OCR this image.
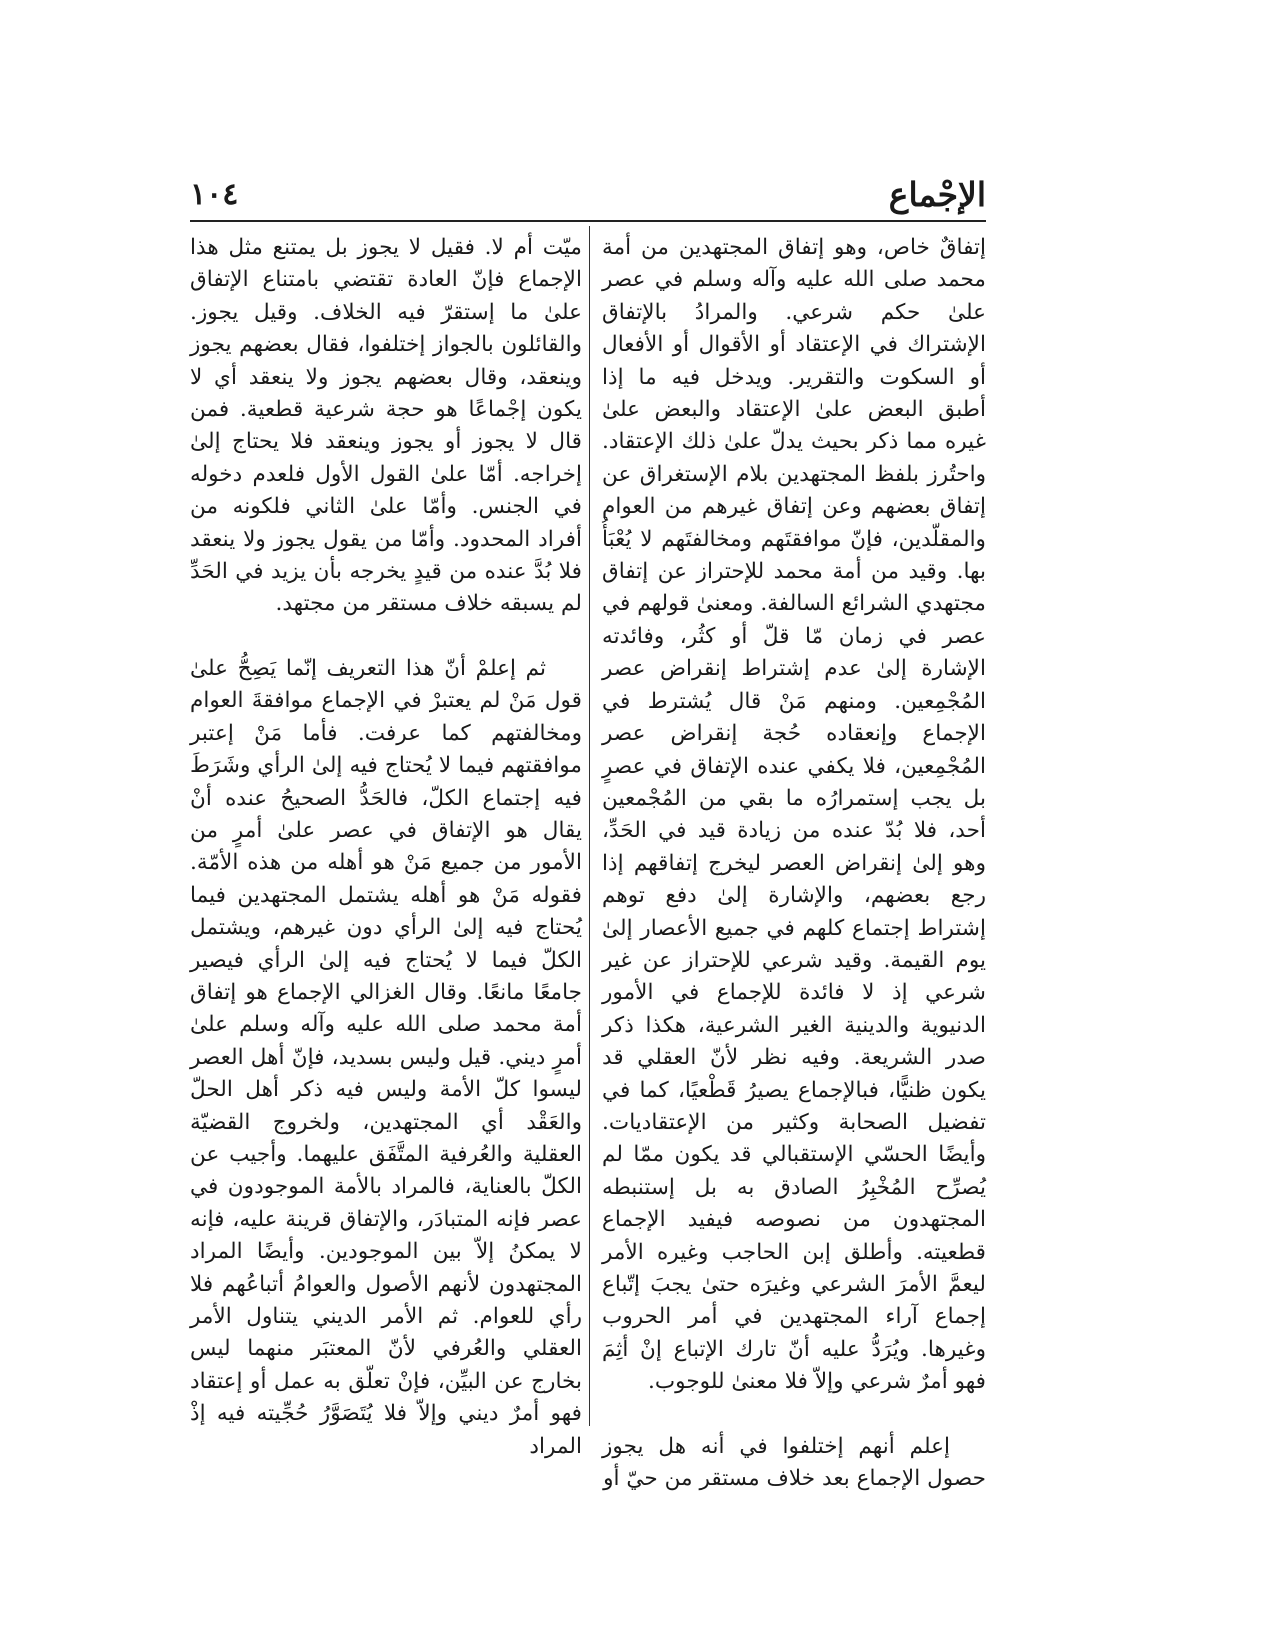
الإجْماع
١٠٤

إتفاقٌ خاص، وهو إتفاق المجتهدين من أمة محمد صلى الله عليه وآله وسلم في عصر علىٰ حكم شرعي. والمرادُ بالإتفاق الإشتراك في الإعتقاد أو الأقوال أو الأفعال أو السكوت والتقرير. ويدخل فيه ما إذا أطبق البعض علىٰ الإعتقاد والبعض علىٰ غيره مما ذكر بحيث يدلّ علىٰ ذلك الإعتقاد. واحتُرز بلفظ المجتهدين بلام الإستغراق عن إتفاق بعضهم وعن إتفاق غيرهم من العوام والمقلّدين، فإنّ موافقتَهم ومخالفتَهم لا يُعْبَأُ بها. وقيد من أمة محمد للإحتراز عن إتفاق مجتهدي الشرائع السالفة. ومعنىٰ قولهم في عصر في زمان مّا قلّ أو كثُر، وفائدته الإشارة إلىٰ عدم إشتراط إنقراض عصر المُجْمِعين. ومنهم مَنْ قال يُشترط في الإجماع وإنعقاده حُجة إنقراض عصر المُجْمِعين، فلا يكفي عنده الإتفاق في عصرٍ بل يجب إستمرارُه ما بقي من المُجْمعين أحد، فلا بُدّ عنده من زيادة قيد في الحَدِّ، وهو إلىٰ إنقراض العصر ليخرج إتفاقهم إذا رجع بعضهم، والإشارة إلىٰ دفع توهم إشتراط إجتماع كلهم في جميع الأعصار إلىٰ يوم القيمة. وقيد شرعي للإحتراز عن غير شرعي إذ لا فائدة للإجماع في الأمور الدنيوية والدينية الغير الشرعية، هكذا ذكر صدر الشريعة. وفيه نظر لأنّ العقلي قد يكون ظنيًّا، فبالإجماع يصيرُ قَطْعيًا، كما في تفضيل الصحابة وكثير من الإعتقاديات. وأيضًا الحسّي الإستقبالي قد يكون ممّا لم يُصرِّح المُخْبِرُ الصادق به بل إستنبطه المجتهدون من نصوصه فيفيد الإجماع قطعيته. وأطلق إبن الحاجب وغيره الأمر ليعمَّ الأمرَ الشرعي وغيرَه حتىٰ يجبَ إتّباع إجماع آراء المجتهدين في أمر الحروب وغيرها. ويُرَدُّ عليه أنّ تارك الإتباع إنْ أثِمَ فهو أمرٌ شرعي وإلاّ فلا معنىٰ للوجوب.

إعلم أنهم إختلفوا في أنه هل يجوز حصول الإجماع بعد خلاف مستقر من حيّ أو

ميّت أم لا. فقيل لا يجوز بل يمتنع مثل هذا الإجماع فإنّ العادة تقتضي بامتناع الإتفاق علىٰ ما إستقرّ فيه الخلاف. وقيل يجوز. والقائلون بالجواز إختلفوا، فقال بعضهم يجوز وينعقد، وقال بعضهم يجوز ولا ينعقد أي لا يكون إجْماعًا هو حجة شرعية قطعية. فمن قال لا يجوز أو يجوز وينعقد فلا يحتاج إلىٰ إخراجه. أمّا علىٰ القول الأول فلعدم دخوله في الجنس. وأمّا علىٰ الثاني فلكونه من أفراد المحدود. وأمّا من يقول يجوز ولا ينعقد فلا بُدَّ عنده من قيدٍ يخرجه بأن يزيد في الحَدِّ لم يسبقه خلاف مستقر من مجتهد.

ثم إعلمْ أنّ هذا التعريف إنّما يَصِحُّ علىٰ قول مَنْ لم يعتبرْ في الإجماع موافقةَ العوام ومخالفتهم كما عرفت. فأما مَنْ إعتبر موافقتهم فيما لا يُحتاج فيه إلىٰ الرأي وشَرَطَ فيه إجتماع الكلّ، فالحَدُّ الصحيحُ عنده أنْ يقال هو الإتفاق في عصر علىٰ أمرٍ من الأمور من جميع مَنْ هو أهله من هذه الأمّة. فقوله مَنْ هو أهله يشتمل المجتهدين فيما يُحتاج فيه إلىٰ الرأي دون غيرهم، ويشتمل الكلّ فيما لا يُحتاج فيه إلىٰ الرأي فيصير جامعًا مانعًا. وقال الغزالي الإجماع هو إتفاق أمة محمد صلى الله عليه وآله وسلم علىٰ أمرٍ ديني. قيل وليس بسديد، فإنّ أهل العصر ليسوا كلّ الأمة وليس فيه ذكر أهل الحلّ والعَقْد أي المجتهدين، ولخروج القضيّة العقلية والعُرفية المتَّفَق عليهما. وأجيب عن الكلّ بالعناية، فالمراد بالأمة الموجودون في عصر فإنه المتبادَر، والإتفاق قرينة عليه، فإنه لا يمكنُ إلاّ بين الموجودين. وأيضًا المراد المجتهدون لأنهم الأصول والعوامُ أتباعُهم فلا رأي للعوام. ثم الأمر الديني يتناول الأمر العقلي والعُرفي لأنّ المعتبَر منهما ليس بخارج عن البيِّن، فإنْ تعلّق به عمل أو إعتقاد فهو أمرٌ ديني وإلاّ فلا يُتَصَوَّرُ حُجِّيته فيه إذْ المراد
